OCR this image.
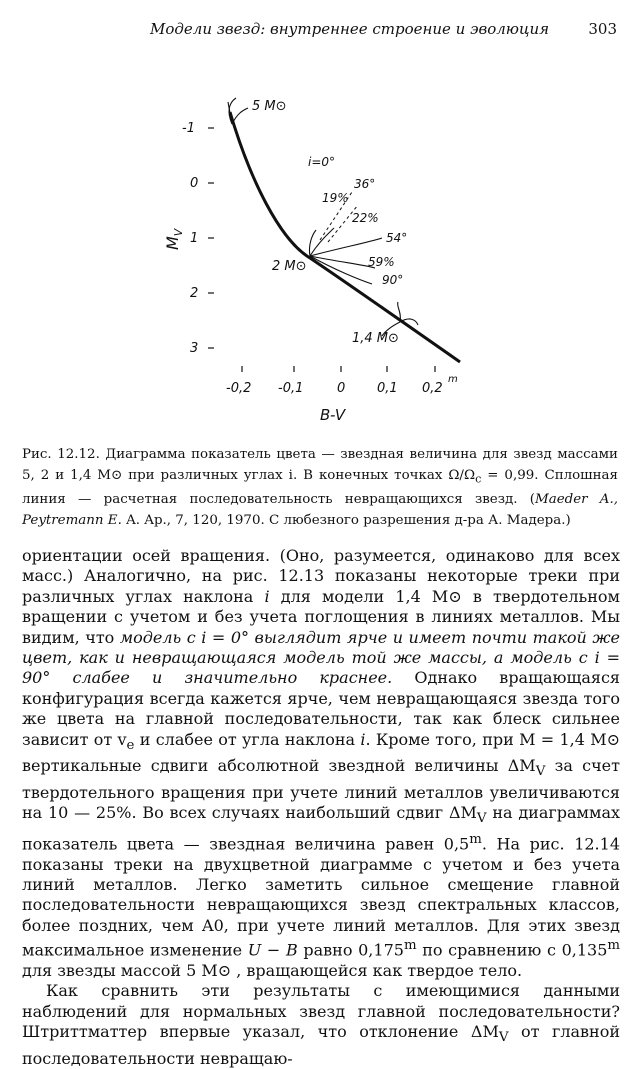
Модели звезд: внутреннее строение и эволюция	303
-1
0
1
2
3
$M_V$
-0,2 -0,1	0 0,1 0,2
m
B-V
5 M⊙
2 M⊙
1,4 M⊙
i=0°
19%
36°
22%
54°
59%
90°
Рис. 12.12. Диаграмма показатель цвета — звездная величина для звезд массами 5, 2 и 1,4 M⊙ при различных углах i. В конечных точках $\Omega/\Omega_c = 0,99$. Сплошная линия — расчетная последовательность невращающихся звезд. (Maeder A., Peytremann E. A. Ap., 7, 120, 1970. С любезного разрешения д-ра А. Мадера.)

ориентации осей вращения. (Оно, разумеется, одинаково для всех масс.) Аналогично, на рис. 12.13 показаны некоторые треки при различных углах наклона i для модели 1,4 M⊙ в твердотельном вращении с учетом и без учета поглощения в линиях металлов. Мы видим, что модель с i = 0° выглядит ярче и имеет почти такой же цвет, как и невращающаяся модель той же массы, а модель с i = 90° слабее и значительно краснее. Однако вращающаяся конфигурация всегда кажется ярче, чем невращающаяся звезда того же цвета на главной последовательности, так как блеск сильнее зависит от $v_e$ и слабее от угла наклона i. Кроме того, при M = 1,4 M⊙ вертикальные сдвиги абсолютной звездной величины $\Delta M_V$ за счет твердотельного вращения при учете линий металлов увеличиваются на 10 — 25%. Во всех случаях наибольший сдвиг $\Delta M_V$ на диаграммах показатель цвета — звездная величина равен 0,5$^m$. На рис. 12.14 показаны треки на двухцветной диаграмме с учетом и без учета линий металлов. Легко заметить сильное смещение главной последовательности невращающихся звезд спектральных классов, более поздних, чем A0, при учете линий металлов. Для этих звезд максимальное изменение U − B равно 0,175$^m$ по сравнению с 0,135$^m$ для звезды массой 5 M⊙ , вращающейся как твердое тело.

Как сравнить эти результаты с имеющимися данными наблюдений для нормальных звезд главной последовательности? Штриттматтер впервые указал, что отклонение $\Delta M_V$ от главной последовательности невращаю-
